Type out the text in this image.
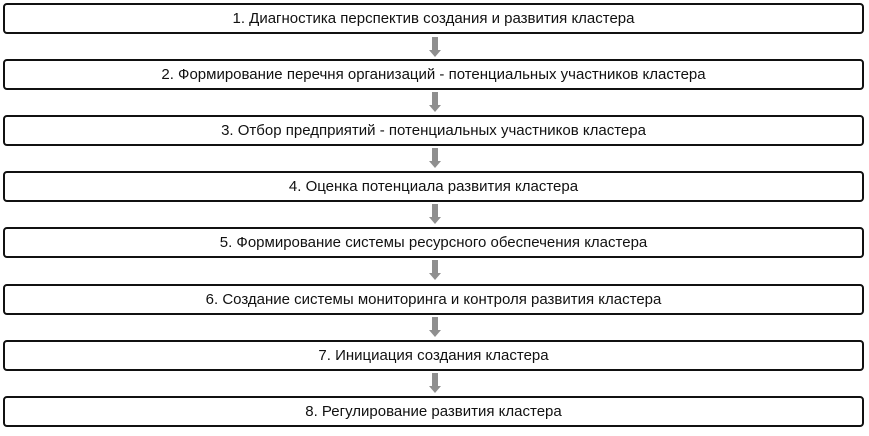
1. Диагностика перспектив создания и развития кластера
2. Формирование перечня организаций - потенциальных участников кластера
3. Отбор предприятий - потенциальных участников кластера
4. Оценка потенциала развития кластера
5. Формирование системы ресурсного обеспечения кластера
6. Создание системы мониторинга и контроля развития кластера
7. Инициация создания кластера
8. Регулирование развития кластера
